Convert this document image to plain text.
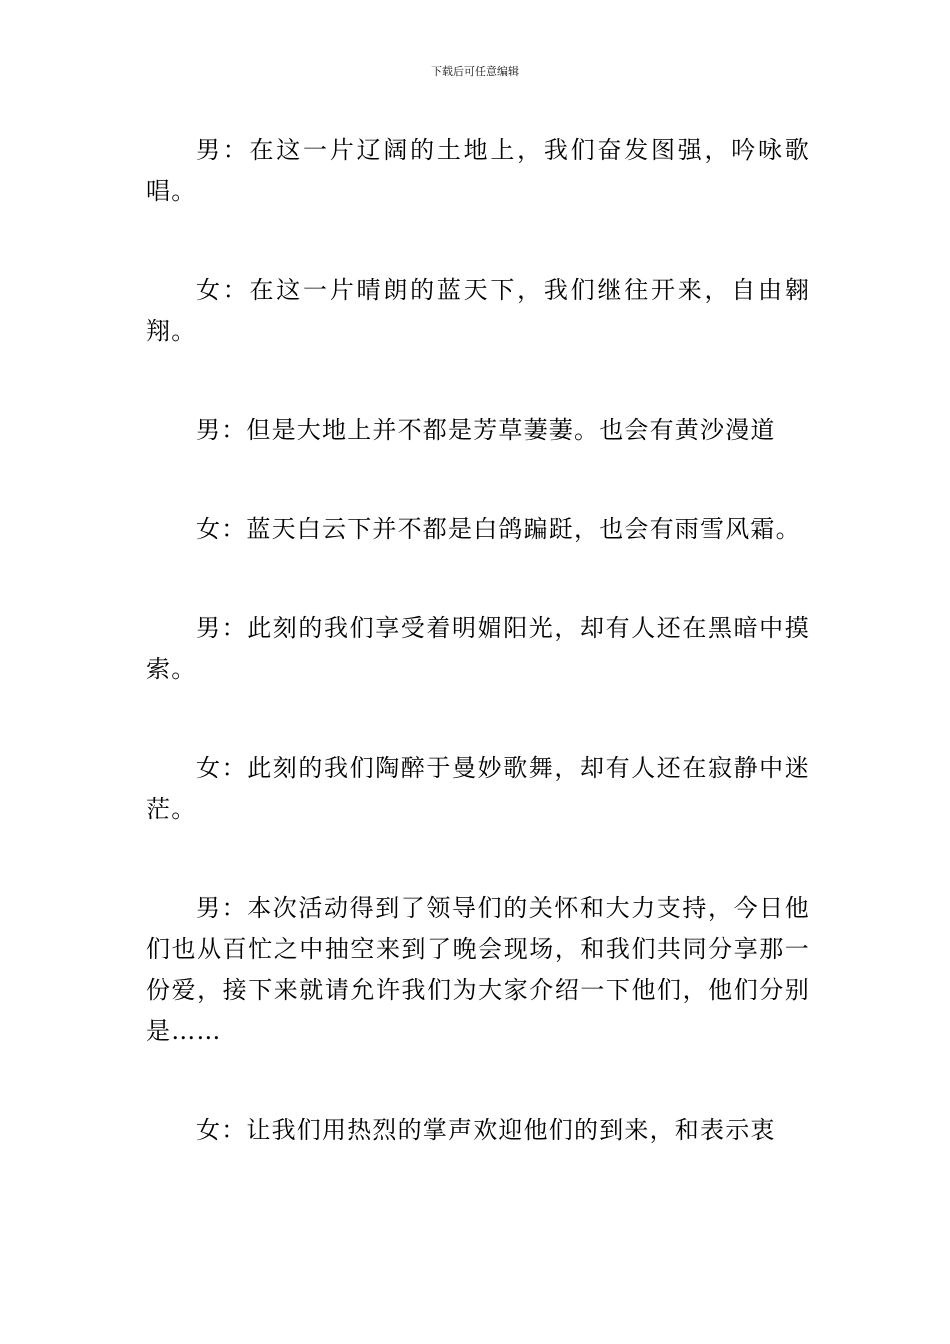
下载后可任意编辑

男：在这一片辽阔的土地上，我们奋发图强，吟咏歌唱。

女：在这一片晴朗的蓝天下，我们继往开来，自由翱翔。

男：但是大地上并不都是芳草萋萋。也会有黄沙漫道

女：蓝天白云下并不都是白鸽蹁跹，也会有雨雪风霜。

男：此刻的我们享受着明媚阳光，却有人还在黑暗中摸索。

女：此刻的我们陶醉于曼妙歌舞，却有人还在寂静中迷茫。

男：本次活动得到了领导们的关怀和大力支持，今日他们也从百忙之中抽空来到了晚会现场，和我们共同分享那一份爱，接下来就请允许我们为大家介绍一下他们，他们分别是……

女：让我们用热烈的掌声欢迎他们的到来，和表示衷
